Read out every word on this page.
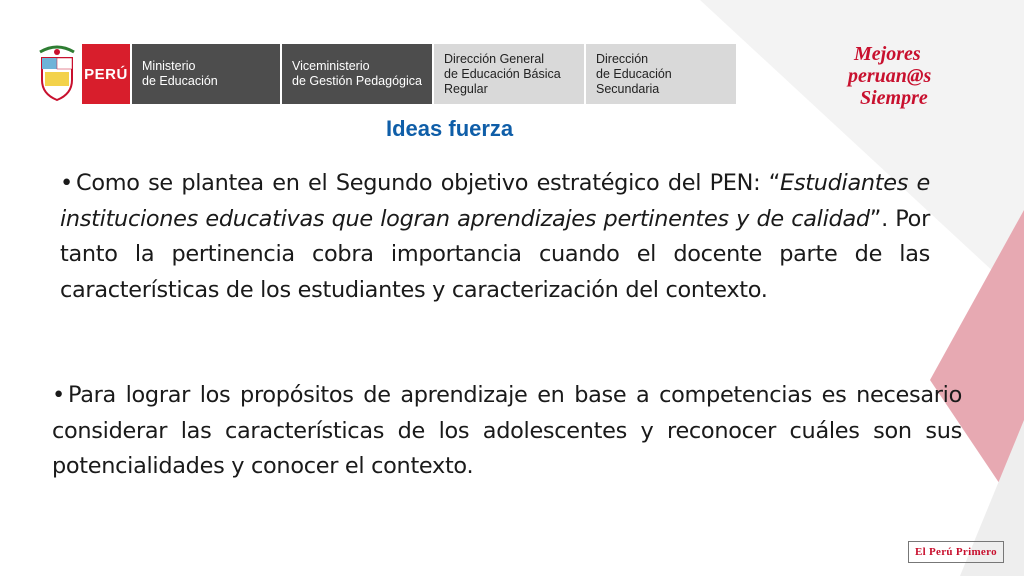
PERÚ Ministerio
de Educación
Viceministerio
de Gestión Pedagógica
Dirección General
de Educación Básica
Regular
Dirección
de Educación Secundaria
Mejores
peruan@s
Siempre
Ideas fuerza
• Como se plantea en el Segundo objetivo estratégico del PEN: “Estudiantes e instituciones educativas que logran aprendizajes pertinentes y de calidad”. Por tanto la pertinencia cobra importancia cuando el docente parte de las características de los estudiantes y caracterización del contexto.
• Para lograr los propósitos de aprendizaje en base a competencias es necesario considerar las características de los adolescentes y reconocer cuáles son sus potencialidades y conocer el contexto.
El Perú Primero
